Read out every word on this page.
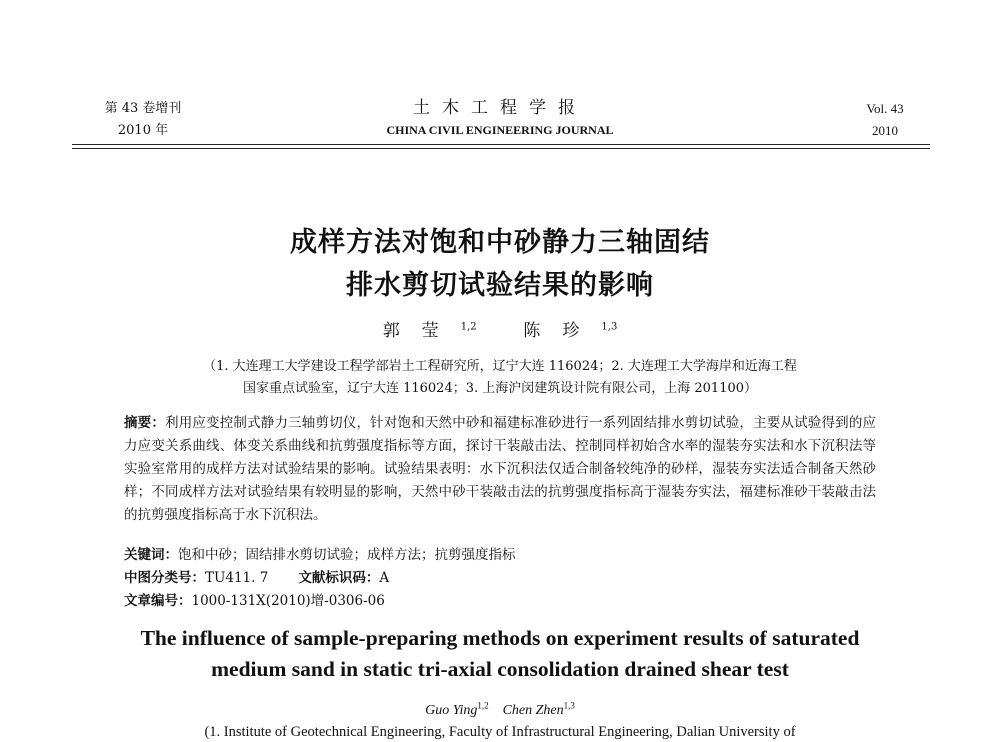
第 43 卷增刊
2010 年
土木工程学报
CHINA CIVIL ENGINEERING JOURNAL
Vol. 43
2010
成样方法对饱和中砂静力三轴固结
排水剪切试验结果的影响
郭莹$^{1,2}$	陈珍$^{1,3}$
（1. 大连理工大学建设工程学部岩土工程研究所，辽宁大连 116024；2. 大连理工大学海岸和近海工程
国家重点试验室，辽宁大连 116024；3. 上海沪闵建筑设计院有限公司，上海 201100）
摘要：利用应变控制式静力三轴剪切仪，针对饱和天然中砂和福建标准砂进行一系列固结排水剪切试验，主要从试验得到的应力应变关系曲线、体变关系曲线和抗剪强度指标等方面，探讨干装敲击法、控制同样初始含水率的湿装夯实法和水下沉积法等实验室常用的成样方法对试验结果的影响。试验结果表明：水下沉积法仅适合制备较纯净的砂样，湿装夯实法适合制备天然砂样；不同成样方法对试验结果有较明显的影响，天然中砂干装敲击法的抗剪强度指标高于湿装夯实法，福建标准砂干装敲击法的抗剪强度指标高于水下沉积法。
关键词：饱和中砂；固结排水剪切试验；成样方法；抗剪强度指标
中图分类号：TU411. 7 文献标识码：A
文章编号：1000-131X(2010)增-0306-06
The influence of sample-preparing methods on experiment results of saturated
medium sand in static tri-axial consolidation drained shear test
Guo Ying$^{1,2}$ Chen Zhen$^{1,3}$
(1. Institute of Geotechnical Engineering, Faculty of Infrastructural Engineering, Dalian University of
